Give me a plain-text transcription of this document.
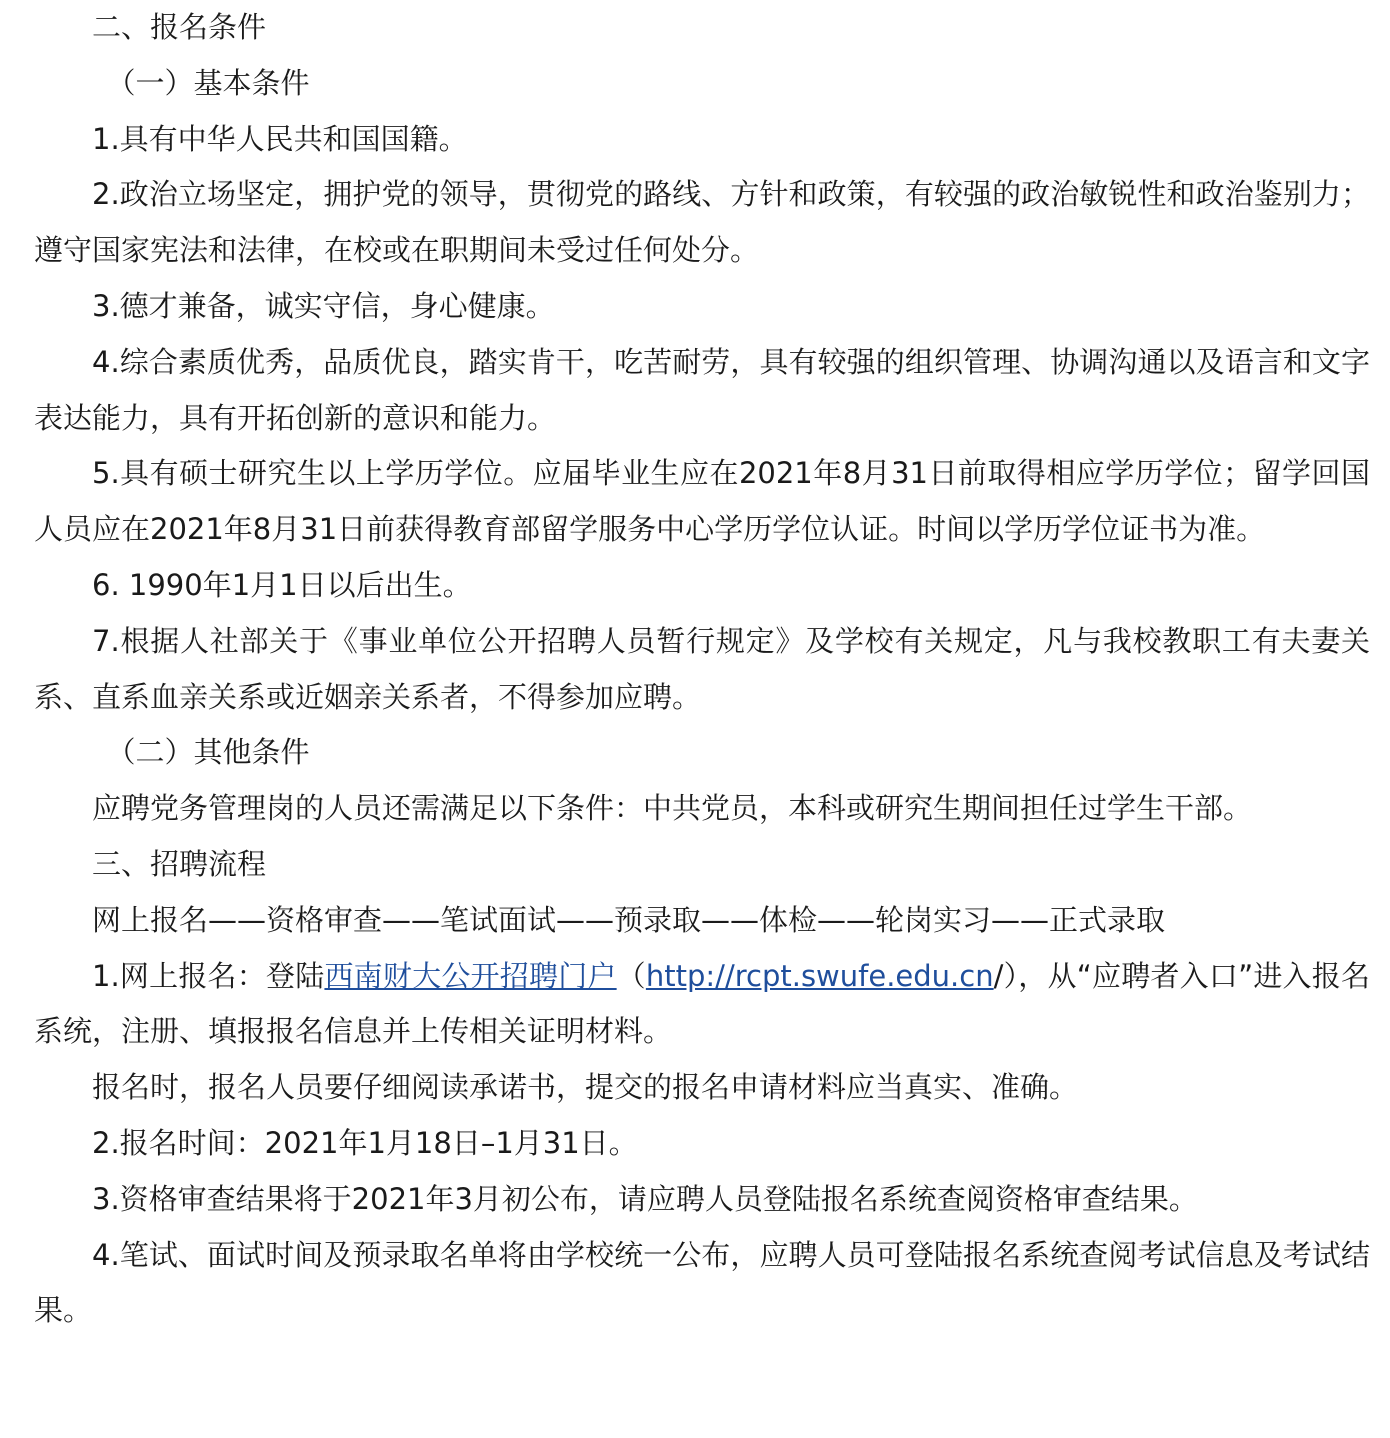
二、报名条件

（一）基本条件

1.具有中华人民共和国国籍。

2.政治立场坚定，拥护党的领导，贯彻党的路线、方针和政策，有较强的政治敏锐性和政治鉴别力；遵守国家宪法和法律，在校或在职期间未受过任何处分。

3.德才兼备，诚实守信，身心健康。

4.综合素质优秀，品质优良，踏实肯干，吃苦耐劳，具有较强的组织管理、协调沟通以及语言和文字表达能力，具有开拓创新的意识和能力。

5.具有硕士研究生以上学历学位。应届毕业生应在2021年8月31日前取得相应学历学位；留学回国人员应在2021年8月31日前获得教育部留学服务中心学历学位认证。时间以学历学位证书为准。

6. 1990年1月1日以后出生。

7.根据人社部关于《事业单位公开招聘人员暂行规定》及学校有关规定，凡与我校教职工有夫妻关系、直系血亲关系或近姻亲关系者，不得参加应聘。

（二）其他条件

应聘党务管理岗的人员还需满足以下条件：中共党员，本科或研究生期间担任过学生干部。

三、招聘流程

网上报名——资格审查——笔试面试——预录取——体检——轮岗实习——正式录取

1.网上报名：登陆西南财大公开招聘门户（http://rcpt.swufe.edu.cn/），从“应聘者入口”进入报名系统，注册、填报报名信息并上传相关证明材料。

报名时，报名人员要仔细阅读承诺书，提交的报名申请材料应当真实、准确。

2.报名时间：2021年1月18日–1月31日。

3.资格审查结果将于2021年3月初公布，请应聘人员登陆报名系统查阅资格审查结果。

4.笔试、面试时间及预录取名单将由学校统一公布，应聘人员可登陆报名系统查阅考试信息及考试结果。
